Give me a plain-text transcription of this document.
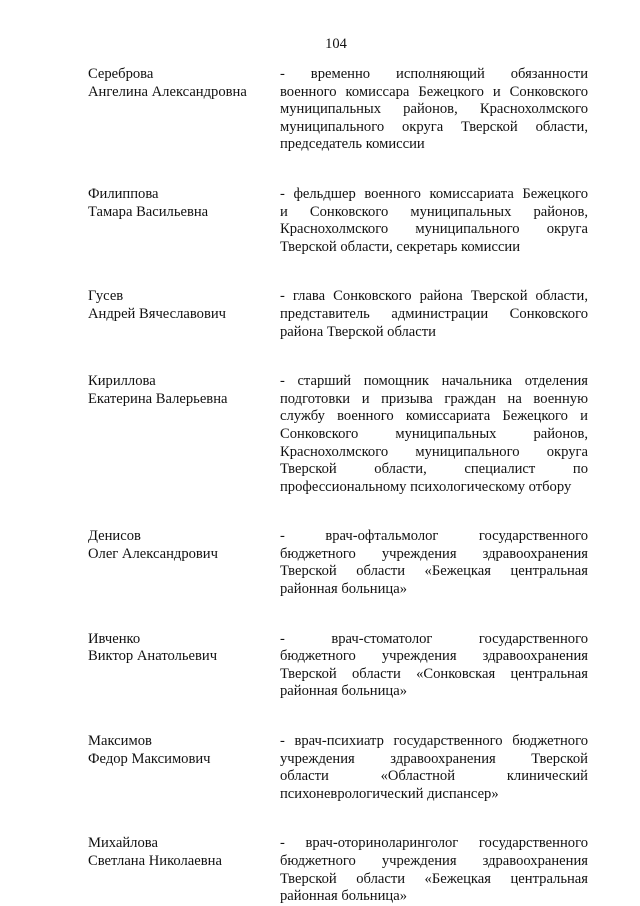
104
Сереброва
Ангелина Александровна
- временно исполняющий обязанности
военного комиссара Бежецкого и Сонковского
муниципальных районов, Краснохолмского
муниципального округа Тверской области,
председатель комиссии
Филиппова
Тамара Васильевна
- фельдшер военного комиссариата Бежецкого
и Сонковского муниципальных районов,
Краснохолмского муниципального округа
Тверской области, секретарь комиссии
Гусев
Андрей Вячеславович
- глава Сонковского района Тверской области,
представитель администрации Сонковского
района Тверской области
Кириллова
Екатерина Валерьевна
- старший помощник начальника отделения
подготовки и призыва граждан на военную
службу военного комиссариата Бежецкого и
Сонковского муниципальных районов,
Краснохолмского муниципального округа
Тверской области, специалист по
профессиональному психологическому отбору
Денисов
Олег Александрович
- врач-офтальмолог государственного
бюджетного учреждения здравоохранения
Тверской области «Бежецкая центральная
районная больница»
Ивченко
Виктор Анатольевич
- врач-стоматолог государственного
бюджетного учреждения здравоохранения
Тверской области «Сонковская центральная
районная больница»
Максимов
Федор Максимович
- врач-психиатр государственного бюджетного
учреждения здравоохранения Тверской
области «Областной клинический
психоневрологический диспансер»
Михайлова
Светлана Николаевна
- врач-оториноларинголог государственного
бюджетного учреждения здравоохранения
Тверской области «Бежецкая центральная
районная больница»
